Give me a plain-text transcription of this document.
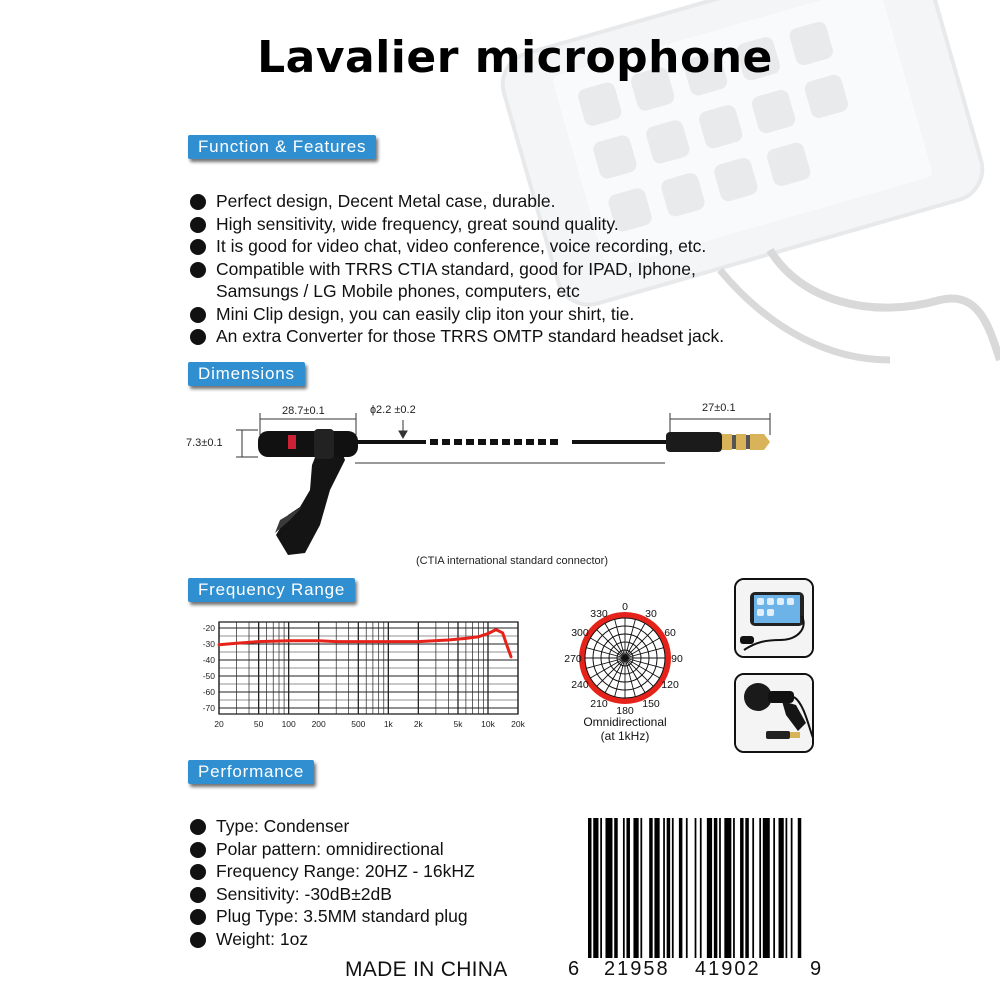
Lavalier microphone
Function & Features
Perfect design, Decent Metal case, durable.
High sensitivity, wide frequency, great sound quality.
It is good for video chat, video conference, voice recording, etc.
Compatible with TRRS CTIA standard, good for IPAD, Iphone,
Samsungs / LG Mobile phones, computers, etc
Mini Clip design, you can easily clip iton your shirt, tie.
An extra Converter for those TRRS OMTP standard headset jack.
Dimensions
28.7±0.1	ɸ2.2 ±0.2	27±0.1
7.3±0.1
(CTIA international standard connector)
Frequency Range
-20
-30
-40
-50
-60
-70
20	50 100 200	500 1k 2k	5k 10k 20k
0
30
60
90
120
150
180
210
240
270
300
330
Omnidirectional
(at 1kHz)
Performance
Type: Condenser
Polar pattern: omnidirectional
Frequency Range: 20HZ - 16kHZ
Sensitivity: -30dB±2dB
Plug Type: 3.5MM standard plug
Weight: 1oz
MADE IN CHINA	6 21958 41902 9
